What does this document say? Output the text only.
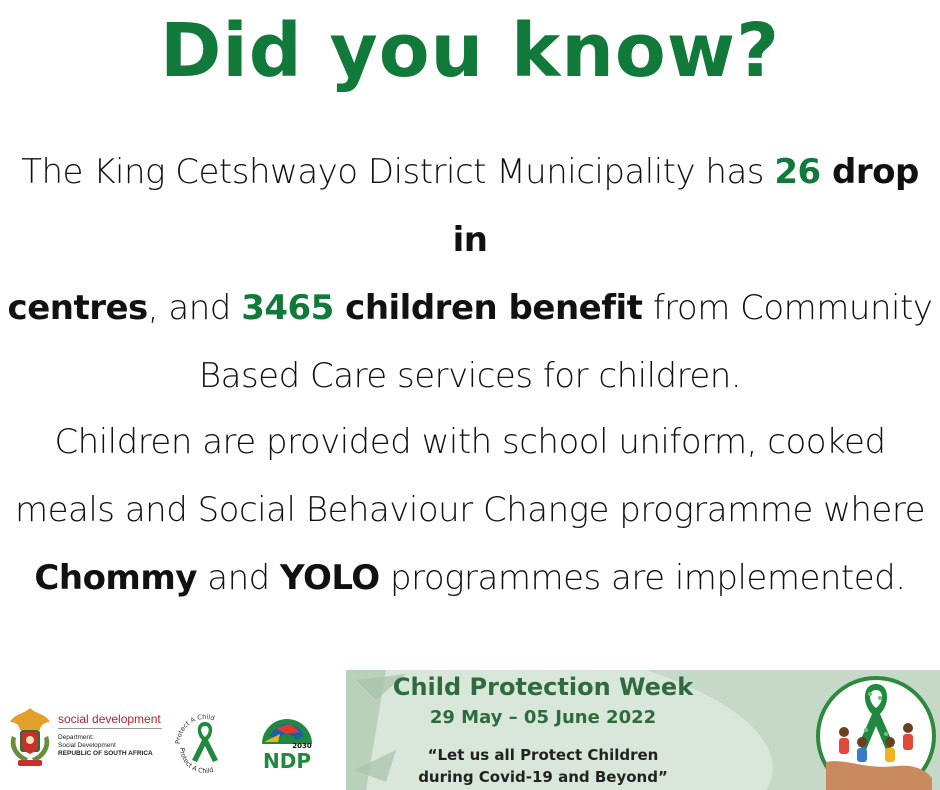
Did you know?
The King Cetshwayo District Municipality has 26 drop in
centres, and 3465 children benefit from Community
Based Care services for children.
Children are provided with school uniform, cooked
meals and Social Behaviour Change programme where
Chommy and YOLO programmes are implemented.
social development
Department:
Social Development
REPUBLIC OF SOUTH AFRICA
Protect A Child
Protect A Child
2030
NDP
Child Protection Week
29 May – 05 June 2022
“Let us all Protect Children
during Covid-19 and Beyond”
